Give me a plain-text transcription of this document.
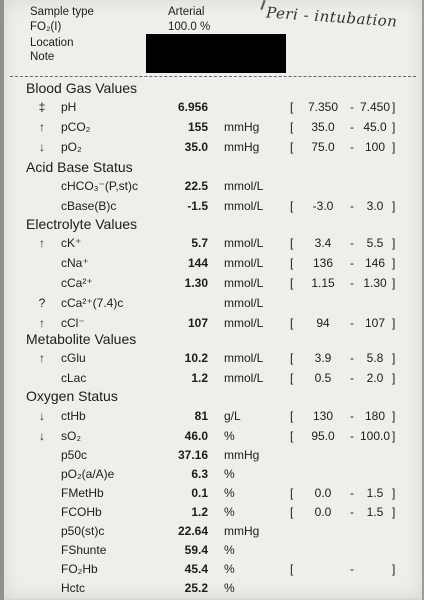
Sample type	Arterial
FO₂(I)	100.0 %
Location
Note
Peri - intubation
Blood Gas Values
Acid Base Status
Electrolyte Values
Metabolite Values
Oxygen Status
‡ pH	6.956	[	7.350 - 7.450 ]
↑ pCO₂	155 mmHg	[	35.0	- 45.0 ]
↓ pO₂	35.0 mmHg	[	75.0	- 100 ]
cHCO₃⁻(P,st)c	22.5 mmol/L
cBase(B)c	-1.5 mmol/L [	-3.0	-	3.0 ]
↑ cK⁺	5.7 mmol/L [	3.4	-	5.5 ]
cNa⁺	144 mmol/L [	136	- 146 ]
cCa²⁺	1.30 mmol/L [	1.15	- 1.30 ]
? cCa²⁺(7.4)c	mmol/L
↑ cCl⁻	107 mmol/L [	94	- 107 ]
↑ cGlu	10.2 mmol/L [	3.9	-	5.8 ]
cLac	1.2 mmol/L [	0.5	-	2.0 ]
↓ ctHb	81 g/L	[	130	- 180 ]
↓ sO₂	46.0 %	[	95.0	- 100.0 ]
p50c	37.16 mmHg
pO₂(a/A)e	6.3 %
FMetHb	0.1 %	[	0.0	-	1.5 ]
FCOHb	1.2 %	[	0.0	-	1.5 ]
p50(st)c	22.64 mmHg
FShunte	59.4 %
FO₂Hb	45.4 %	[	-	]
Hctc	25.2 %
